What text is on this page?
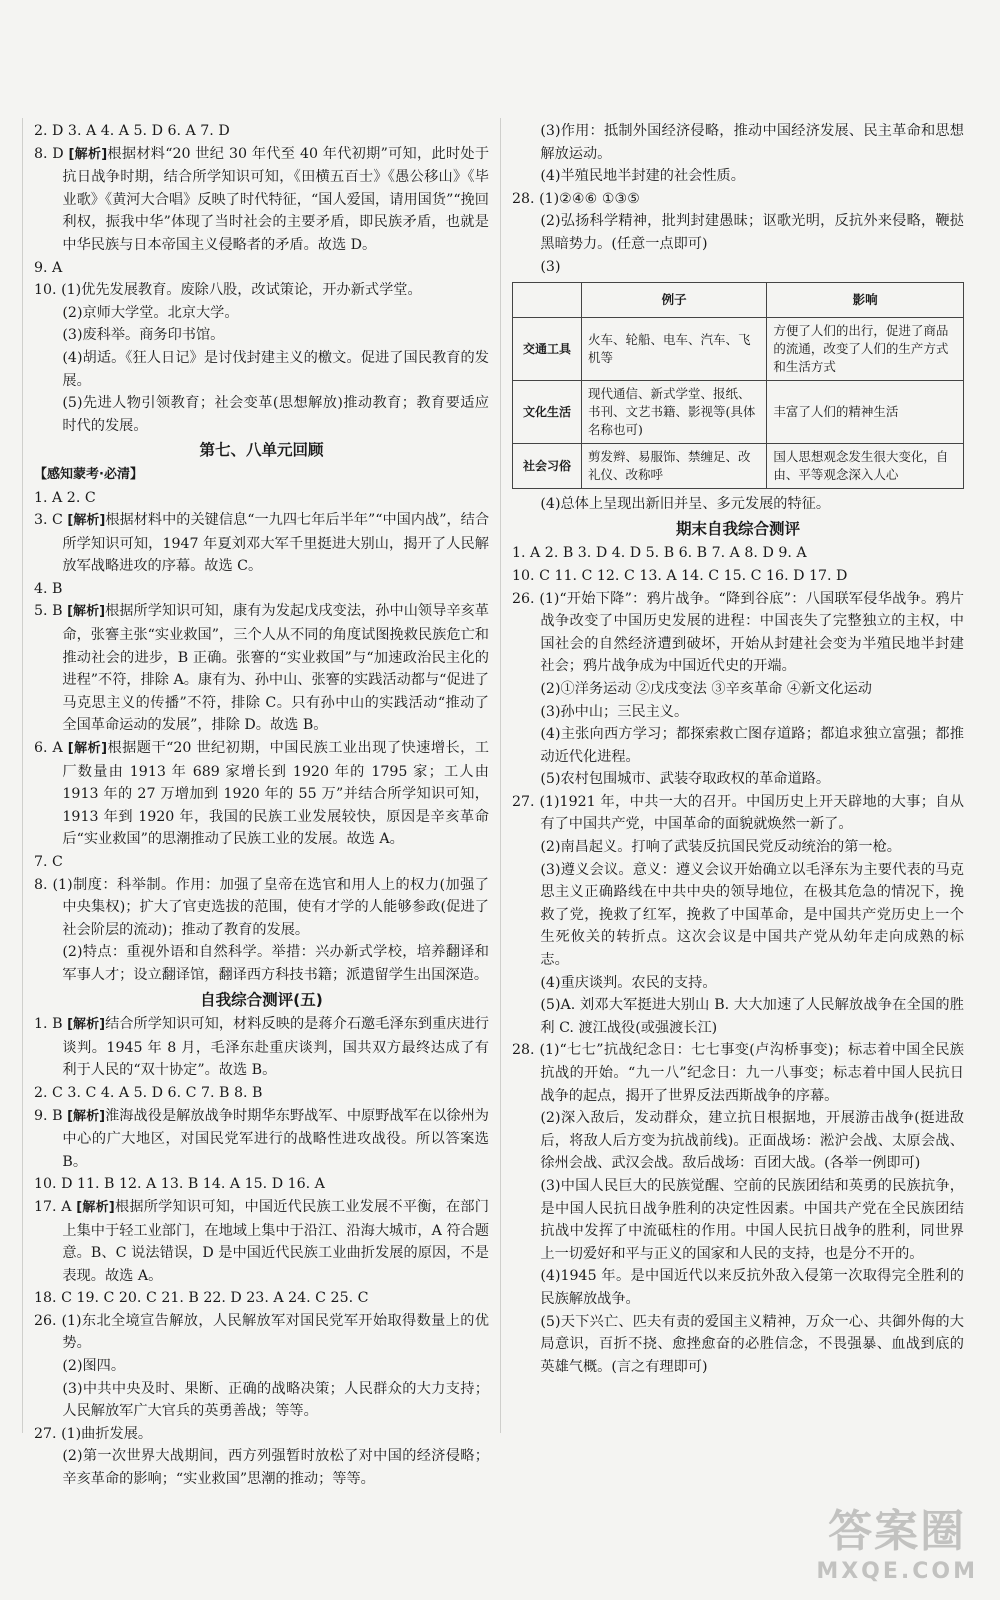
2. D 3. A 4. A 5. D 6. A 7. D

8. D [解析]根据材料“20 世纪 30 年代至 40 年代初期”可知，此时处于抗日战争时期，结合所学知识可知，《田横五百士》《愚公移山》《毕业歌》《黄河大合唱》反映了时代特征，“国人爱国，请用国货”“挽回利权，振我中华”体现了当时社会的主要矛盾，即民族矛盾，也就是中华民族与日本帝国主义侵略者的矛盾。故选 D。

9. A

10. (1)优先发展教育。废除八股，改试策论，开办新式学堂。

(2)京师大学堂。北京大学。

(3)废科举。商务印书馆。

(4)胡适。《狂人日记》是讨伐封建主义的檄文。促进了国民教育的发展。

(5)先进人物引领教育；社会变革(思想解放)推动教育；教育要适应时代的发展。

第七、八单元回顾

【感知蒙考·必清】

1. A 2. C

3. C [解析]根据材料中的关键信息“一九四七年后半年”“中国内战”，结合所学知识可知，1947 年夏刘邓大军千里挺进大别山，揭开了人民解放军战略进攻的序幕。故选 C。

4. B

5. B [解析]根据所学知识可知，康有为发起戊戌变法，孙中山领导辛亥革命，张謇主张“实业救国”，三个人从不同的角度试图挽救民族危亡和推动社会的进步，B 正确。张謇的“实业救国”与“加速政治民主化的进程”不符，排除 A。康有为、孙中山、张謇的实践活动都与“促进了马克思主义的传播”不符，排除 C。只有孙中山的实践活动“推动了全国革命运动的发展”，排除 D。故选 B。

6. A [解析]根据题干“20 世纪初期，中国民族工业出现了快速增长，工厂数量由 1913 年 689 家增长到 1920 年的 1795 家；工人由 1913 年的 27 万增加到 1920 年的 55 万”并结合所学知识可知，1913 年到 1920 年，我国的民族工业发展较快，原因是辛亥革命后“实业救国”的思潮推动了民族工业的发展。故选 A。

7. C

8. (1)制度：科举制。作用：加强了皇帝在选官和用人上的权力(加强了中央集权)；扩大了官吏选拔的范围，使有才学的人能够参政(促进了社会阶层的流动)；推动了教育的发展。

(2)特点：重视外语和自然科学。举措：兴办新式学校，培养翻译和军事人才；设立翻译馆，翻译西方科技书籍；派遣留学生出国深造。

自我综合测评(五)

1. B [解析]结合所学知识可知，材料反映的是蒋介石邀毛泽东到重庆进行谈判。1945 年 8 月，毛泽东赴重庆谈判，国共双方最终达成了有利于人民的“双十协定”。故选 B。

2. C 3. C 4. A 5. D 6. C 7. B 8. B

9. B [解析]淮海战役是解放战争时期华东野战军、中原野战军在以徐州为中心的广大地区，对国民党军进行的战略性进攻战役。所以答案选 B。

10. D 11. B 12. A 13. B 14. A 15. D 16. A

17. A [解析]根据所学知识可知，中国近代民族工业发展不平衡，在部门上集中于轻工业部门，在地域上集中于沿江、沿海大城市，A 符合题意。B、C 说法错误，D 是中国近代民族工业曲折发展的原因，不是表现。故选 A。

18. C 19. C 20. C 21. B 22. D 23. A 24. C 25. C

26. (1)东北全境宣告解放，人民解放军对国民党军开始取得数量上的优势。

(2)图四。

(3)中共中央及时、果断、正确的战略决策；人民群众的大力支持；人民解放军广大官兵的英勇善战；等等。

27. (1)曲折发展。

(2)第一次世界大战期间，西方列强暂时放松了对中国的经济侵略；辛亥革命的影响；“实业救国”思潮的推动；等等。

(3)作用：抵制外国经济侵略，推动中国经济发展、民主革命和思想解放运动。

(4)半殖民地半封建的社会性质。

28. (1)②④⑥ ①③⑤

(2)弘扬科学精神，批判封建愚昧；讴歌光明，反抗外来侵略，鞭挞黑暗势力。(任意一点即可)

(3)

	例子	影响
交通工具	火车、轮船、电车、汽车、飞机等	方便了人们的出行，促进了商品的流通，改变了人们的生产方式和生活方式
文化生活	现代通信、新式学堂、报纸、书刊、文艺书籍、影视等(具体名称也可)	丰富了人们的精神生活
社会习俗	剪发辫、易服饰、禁缠足、改礼仪、改称呼	国人思想观念发生很大变化，自由、平等观念深入人心

(4)总体上呈现出新旧并呈、多元发展的特征。

期末自我综合测评

1. A 2. B 3. D 4. D 5. B 6. B 7. A 8. D 9. A

10. C 11. C 12. C 13. A 14. C 15. C 16. D 17. D

26. (1)“开始下降”：鸦片战争。“降到谷底”：八国联军侵华战争。鸦片战争改变了中国历史发展的进程：中国丧失了完整独立的主权，中国社会的自然经济遭到破坏，开始从封建社会变为半殖民地半封建社会；鸦片战争成为中国近代史的开端。

(2)①洋务运动 ②戊戌变法 ③辛亥革命 ④新文化运动

(3)孙中山；三民主义。

(4)主张向西方学习；都探索救亡图存道路；都追求独立富强；都推动近代化进程。

(5)农村包围城市、武装夺取政权的革命道路。

27. (1)1921 年，中共一大的召开。中国历史上开天辟地的大事；自从有了中国共产党，中国革命的面貌就焕然一新了。

(2)南昌起义。打响了武装反抗国民党反动统治的第一枪。

(3)遵义会议。意义：遵义会议开始确立以毛泽东为主要代表的马克思主义正确路线在中共中央的领导地位，在极其危急的情况下，挽救了党，挽救了红军，挽救了中国革命，是中国共产党历史上一个生死攸关的转折点。这次会议是中国共产党从幼年走向成熟的标志。

(4)重庆谈判。农民的支持。

(5)A. 刘邓大军挺进大别山 B. 大大加速了人民解放战争在全国的胜利 C. 渡江战役(或强渡长江)

28. (1)“七七”抗战纪念日：七七事变(卢沟桥事变)；标志着中国全民族抗战的开始。“九一八”纪念日：九一八事变；标志着中国人民抗日战争的起点，揭开了世界反法西斯战争的序幕。

(2)深入敌后，发动群众，建立抗日根据地，开展游击战争(挺进敌后，将敌人后方变为抗战前线)。正面战场：淞沪会战、太原会战、徐州会战、武汉会战。敌后战场：百团大战。(各举一例即可)

(3)中国人民巨大的民族觉醒、空前的民族团结和英勇的民族抗争，是中国人民抗日战争胜利的决定性因素。中国共产党在全民族团结抗战中发挥了中流砥柱的作用。中国人民抗日战争的胜利，同世界上一切爱好和平与正义的国家和人民的支持，也是分不开的。

(4)1945 年。是中国近代以来反抗外敌入侵第一次取得完全胜利的民族解放战争。

(5)天下兴亡、匹夫有责的爱国主义精神，万众一心、共御外侮的大局意识，百折不挠、愈挫愈奋的必胜信念，不畏强暴、血战到底的英雄气概。(言之有理即可)

答案圈
MXQE.COM
